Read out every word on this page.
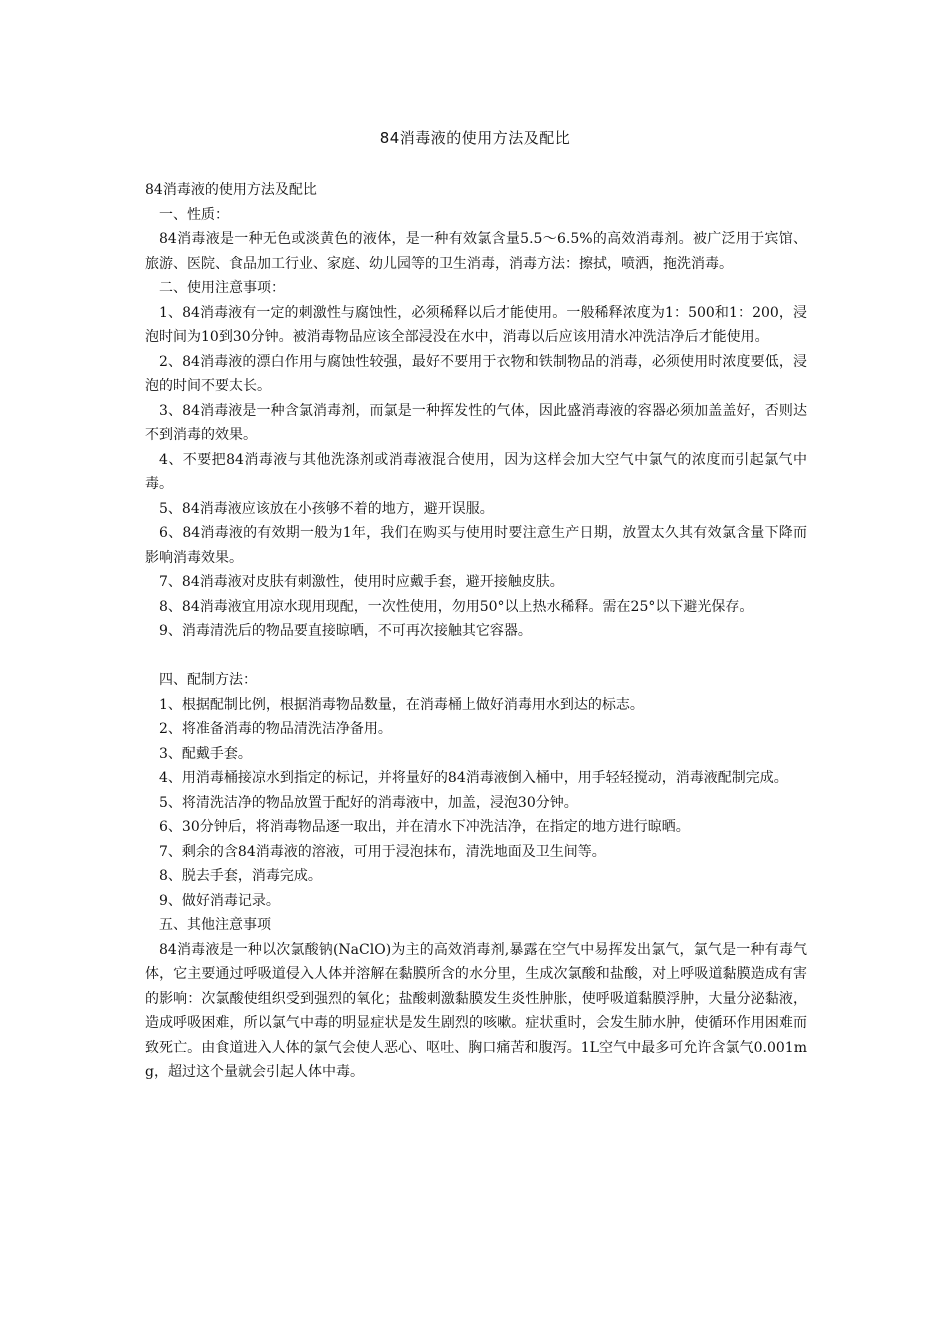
84消毒液的使用方法及配比

84消毒液的使用方法及配比

一、性质：

84消毒液是一种无色或淡黄色的液体，是一种有效氯含量5.5～6.5%的高效消毒剂。被广泛用于宾馆、旅游、医院、食品加工行业、家庭、幼儿园等的卫生消毒，消毒方法：擦拭，喷洒，拖洗消毒。

二、使用注意事项：

1、84消毒液有一定的刺激性与腐蚀性，必须稀释以后才能使用。一般稀释浓度为1：500和1：200，浸泡时间为10到30分钟。被消毒物品应该全部浸没在水中，消毒以后应该用清水冲洗洁净后才能使用。

2、84消毒液的漂白作用与腐蚀性较强，最好不要用于衣物和铁制物品的消毒，必须使用时浓度要低，浸泡的时间不要太长。

3、84消毒液是一种含氯消毒剂，而氯是一种挥发性的气体，因此盛消毒液的容器必须加盖盖好，否则达不到消毒的效果。

4、不要把84消毒液与其他洗涤剂或消毒液混合使用，因为这样会加大空气中氯气的浓度而引起氯气中毒。

5、84消毒液应该放在小孩够不着的地方，避开误服。

6、84消毒液的有效期一般为1年，我们在购买与使用时要注意生产日期，放置太久其有效氯含量下降而影响消毒效果。

7、84消毒液对皮肤有刺激性，使用时应戴手套，避开接触皮肤。

8、84消毒液宜用凉水现用现配，一次性使用，勿用50°以上热水稀释。需在25°以下避光保存。

9、消毒清洗后的物品要直接晾晒，不可再次接触其它容器。

四、配制方法：

1、根据配制比例，根据消毒物品数量，在消毒桶上做好消毒用水到达的标志。

2、将准备消毒的物品清洗洁净备用。

3、配戴手套。

4、用消毒桶接凉水到指定的标记，并将量好的84消毒液倒入桶中，用手轻轻搅动，消毒液配制完成。

5、将清洗洁净的物品放置于配好的消毒液中，加盖，浸泡30分钟。

6、30分钟后，将消毒物品逐一取出，并在清水下冲洗洁净，在指定的地方进行晾晒。

7、剩余的含84消毒液的溶液，可用于浸泡抹布，清洗地面及卫生间等。

8、脱去手套，消毒完成。

9、做好消毒记录。

五、其他注意事项

84消毒液是一种以次氯酸钠(NaClO)为主的高效消毒剂,暴露在空气中易挥发出氯气，氯气是一种有毒气体，它主要通过呼吸道侵入人体并溶解在黏膜所含的水分里，生成次氯酸和盐酸，对上呼吸道黏膜造成有害的影响：次氯酸使组织受到强烈的氧化；盐酸刺激黏膜发生炎性肿胀，使呼吸道黏膜浮肿，大量分泌黏液，造成呼吸困难，所以氯气中毒的明显症状是发生剧烈的咳嗽。症状重时，会发生肺水肿，使循环作用困难而致死亡。由食道进入人体的氯气会使人恶心、呕吐、胸口痛苦和腹泻。1L空气中最多可允许含氯气0.001mg，超过这个量就会引起人体中毒。
